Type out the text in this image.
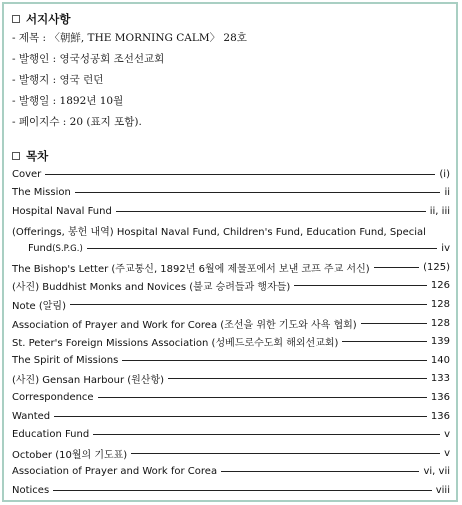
서지사항
- 제목 : 〈朝鮮, THE MORNING CALM〉 28호
- 발행인 : 영국성공회 조선선교회
- 발행지 : 영국 런던
- 발행일 : 1892년 10월
- 페이지수 : 20 (표지 포함).
목차
Cover	(i)
The Mission	ii
Hospital Naval Fund	ii, iii
(Offerings, 봉헌 내역) Hospital Naval Fund, Children's Fund, Education Fund, Special
Fund(S.P.G.)	iv
The Bishop's Letter (주교통신, 1892년 6월에 제물포에서 보낸 코프 주교 서신)	(125)
(사진) Buddhist Monks and Novices (불교 승려들과 행자들)	126
Note (알림)	128
Association of Prayer and Work for Corea (조선을 위한 기도와 사욕 협회)	128
St. Peter's Foreign Missions Association (성베드로수도회 해외선교회)	139
The Spirit of Missions	140
(사진) Gensan Harbour (원산항)	133
Correspondence	136
Wanted	136
Education Fund	v
October (10월의 기도표)	v
Association of Prayer and Work for Corea	vi, vii
Notices	viii
